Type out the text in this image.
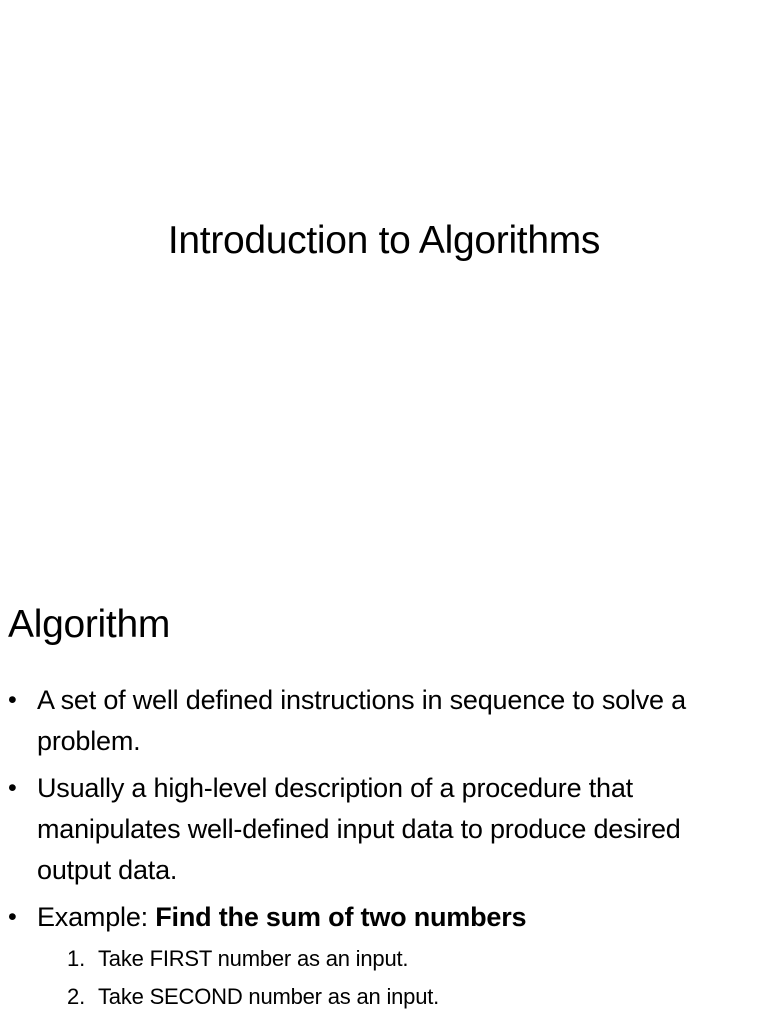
Introduction to Algorithms
Algorithm
• A set of well defined instructions in sequence to solve a problem.
• Usually a high-level description of a procedure that manipulates well-defined input data to produce desired output data.
• Example: Find the sum of two numbers
1. Take FIRST number as an input.
2. Take SECOND number as an input.
